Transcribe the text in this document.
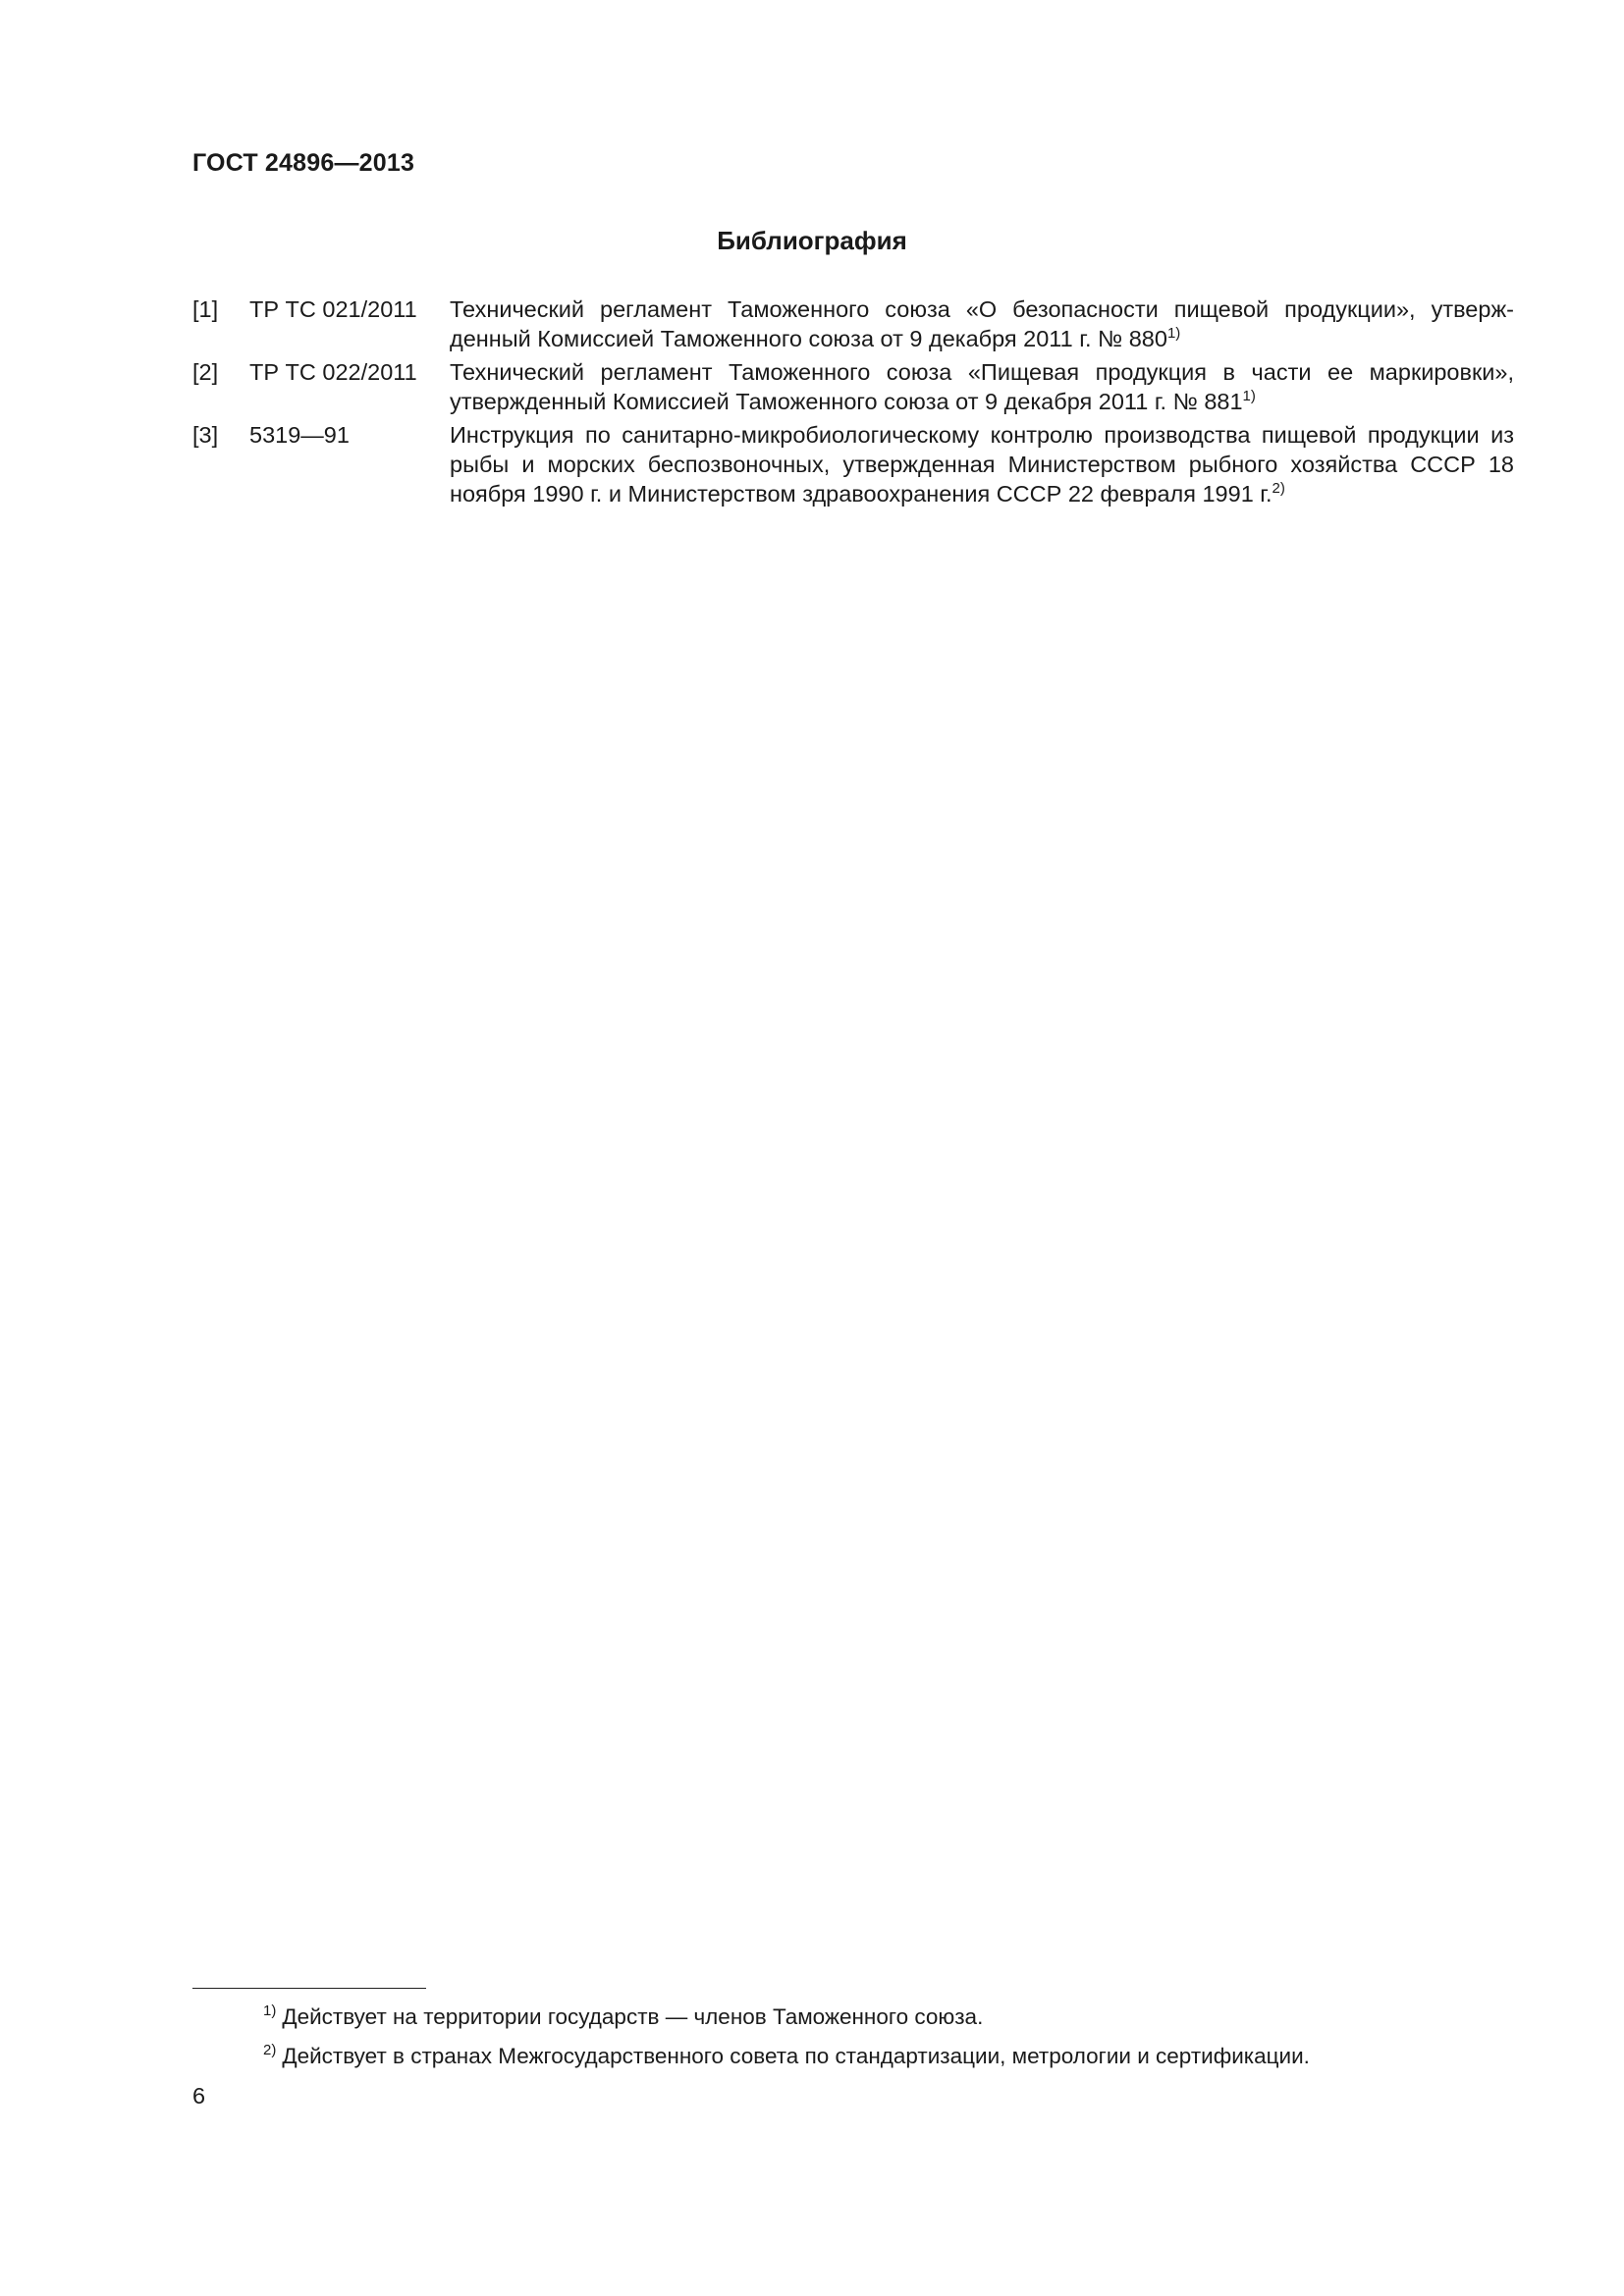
ГОСТ 24896—2013
Библиография
[1] ТР ТС 021/2011 Технический регламент Таможенного союза «О безопасности пищевой продукции», утверж-денный Комиссией Таможенного союза от 9 декабря 2011 г. № 880$^{1)}$
[2] ТР ТС 022/2011 Технический регламент Таможенного союза «Пищевая продукция в части ее маркировки», утвержденный Комиссией Таможенного союза от 9 декабря 2011 г. № 881$^{1)}$
[3] 5319—91	Инструкция по санитарно-микробиологическому контролю производства пищевой продукции из рыбы и морских беспозвоночных, утвержденная Министерством рыбного хозяйства СССР 18 ноября 1990 г. и Министерством здравоохранения СССР 22 февраля 1991 г.$^{2)}$
$^{1)}$ Действует на территории государств — членов Таможенного союза.
$^{2)}$ Действует в странах Межгосударственного совета по стандартизации, метрологии и сертификации.
6
